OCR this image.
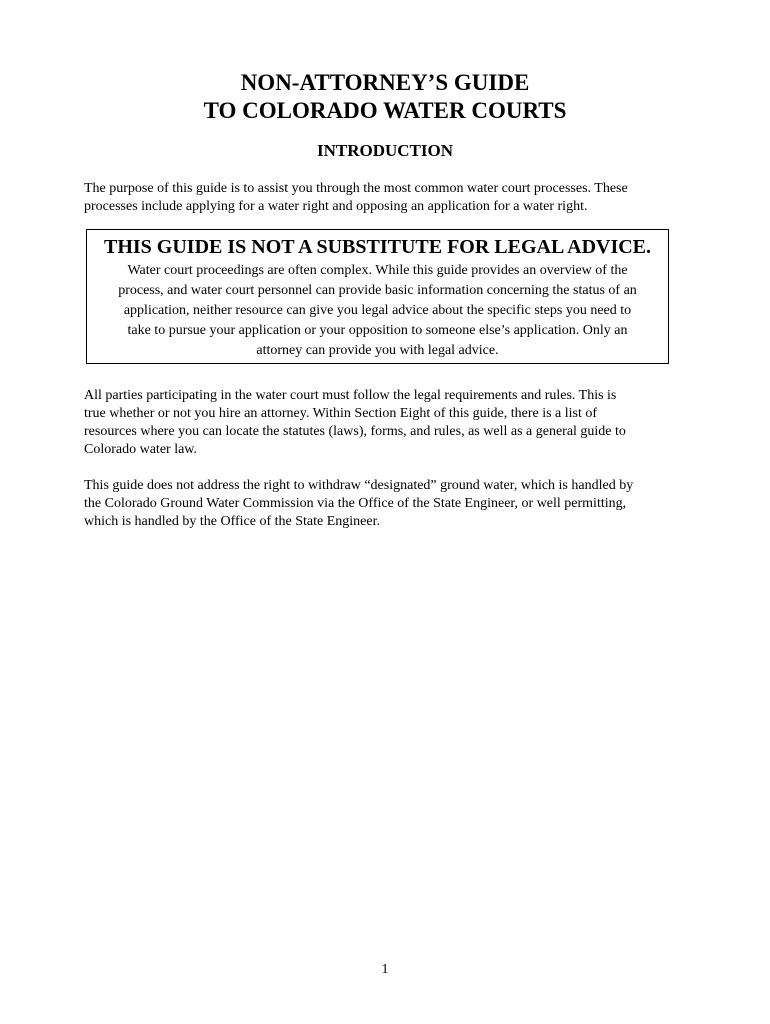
NON-ATTORNEY’S GUIDE
TO COLORADO WATER COURTS
INTRODUCTION

The purpose of this guide is to assist you through the most common water court processes. These
processes include applying for a water right and opposing an application for a water right.

THIS GUIDE IS NOT A SUBSTITUTE FOR LEGAL ADVICE.

Water court proceedings are often complex. While this guide provides an overview of the
process, and water court personnel can provide basic information concerning the status of an
application, neither resource can give you legal advice about the specific steps you need to
take to pursue your application or your opposition to someone else’s application. Only an
attorney can provide you with legal advice.

All parties participating in the water court must follow the legal requirements and rules. This is
true whether or not you hire an attorney. Within Section Eight of this guide, there is a list of
resources where you can locate the statutes (laws), forms, and rules, as well as a general guide to
Colorado water law.

This guide does not address the right to withdraw “designated” ground water, which is handled by
the Colorado Ground Water Commission via the Office of the State Engineer, or well permitting,
which is handled by the Office of the State Engineer.

1
